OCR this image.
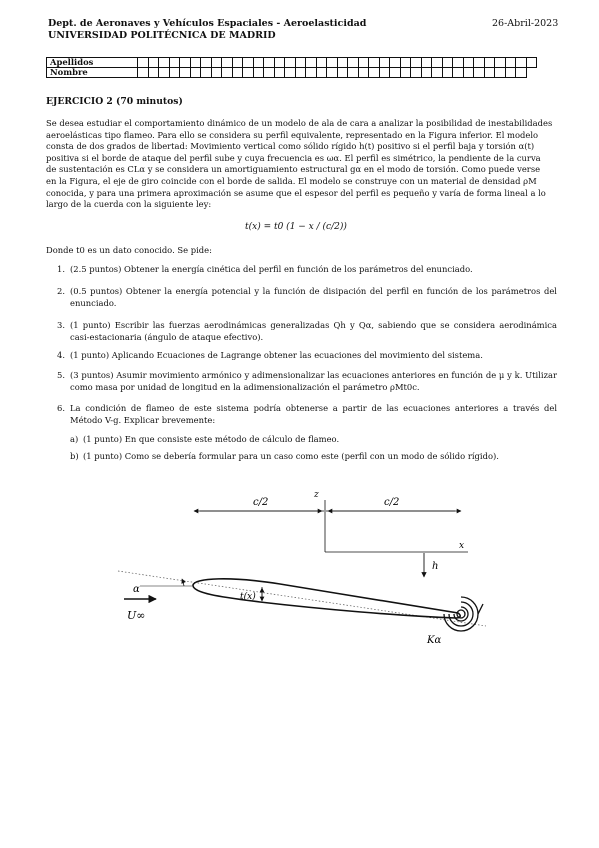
Dept. de Aeronaves y Vehículos Espaciales - Aeroelasticidad
UNIVERSIDAD POLITÉCNICA DE MADRID
26-Abril-2023
Apellidos																																						
Nombre																																						
EJERCICIO 2 (70 minutos)
Se desea estudiar el comportamiento dinámico de un modelo de ala de cara a analizar la posibilidad de inestabilidades
aeroelásticas tipo flameo. Para ello se considera su perfil equivalente, representado en la Figura inferior. El modelo
consta de dos grados de libertad: Movimiento vertical como sólido rígido h(t) positivo si el perfil baja y torsión α(t)
positiva si el borde de ataque del perfil sube y cuya frecuencia es ωα. El perfil es simétrico, la pendiente de la curva
de sustentación es CLα y se considera un amortiguamiento estructural gα en el modo de torsión. Como puede verse
en la Figura, el eje de giro coincide con el borde de salida. El modelo se construye con un material de densidad ρM
conocida, y para una primera aproximación se asume que el espesor del perfil es pequeño y varía de forma lineal a lo
largo de la cuerda con la siguiente ley:
t(x) = t0 (1 − x / (c/2))
Donde t0 es un dato conocido. Se pide:
1. (2.5 puntos) Obtener la energía cinética del perfil en función de los parámetros del enunciado.
2. (0.5 puntos) Obtener la energía potencial y la función de disipación del perfil en función de los parámetros del enunciado.
3. (1 punto) Escribir las fuerzas aerodinámicas generalizadas Qh y Qα, sabiendo que se considera aerodinámica casi-estacionaria (ángulo de ataque efectivo).
4. (1 punto) Aplicando Ecuaciones de Lagrange obtener las ecuaciones del movimiento del sistema.
5. (3 puntos) Asumir movimiento armónico y adimensionalizar las ecuaciones anteriores en función de μ y k. Utilizar como masa por unidad de longitud en la adimensionalización el parámetro ρMt0c.
6. La condición de flameo de este sistema podría obtenerse a partir de las ecuaciones anteriores a través del Método V-g. Explicar brevemente:
a) (1 punto) En que consiste este método de cálculo de flameo.
b) (1 punto) Como se debería formular para un caso como este (perfil con un modo de sólido rígido).
c/2	c/2
z
x
h
t(x)
α
U∞
Kα
